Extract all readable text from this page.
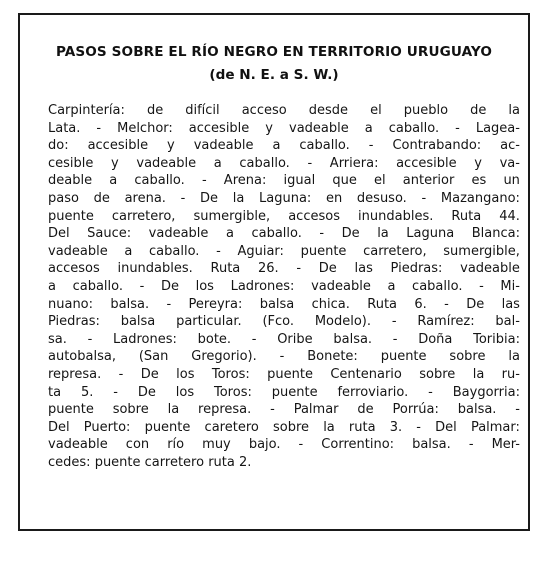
PASOS SOBRE EL RÍO NEGRO EN TERRITORIO URUGUAYO
(de N. E. a S. W.)
Carpintería: de difícil acceso desde el pueblo de la
Lata. - Melchor: accesible y vadeable a caballo. - Lagea-
do: accesible y vadeable a caballo. - Contrabando: ac-
cesible y vadeable a caballo. - Arriera: accesible y va-
deable a caballo. - Arena: igual que el anterior es un
paso de arena. - De la Laguna: en desuso. - Mazangano:
puente carretero, sumergible, accesos inundables. Ruta 44.
Del Sauce: vadeable a caballo. - De la Laguna Blanca:
vadeable a caballo. - Aguiar: puente carretero, sumergible,
accesos inundables. Ruta 26. - De las Piedras: vadeable
a caballo. - De los Ladrones: vadeable a caballo. - Mi-
nuano: balsa. - Pereyra: balsa chica. Ruta 6. - De las
Piedras: balsa particular. (Fco. Modelo). - Ramírez: bal-
sa. - Ladrones: bote. - Oribe balsa. - Doña Toribia:
autobalsa, (San Gregorio). - Bonete: puente sobre la
represa. - De los Toros: puente Centenario sobre la ru-
ta 5. - De los Toros: puente ferroviario. - Baygorria:
puente sobre la represa. - Palmar de Porrúa: balsa. -
Del Puerto: puente caretero sobre la ruta 3. - Del Palmar:
vadeable con río muy bajo. - Correntino: balsa. - Mer-
cedes: puente carretero ruta 2.
